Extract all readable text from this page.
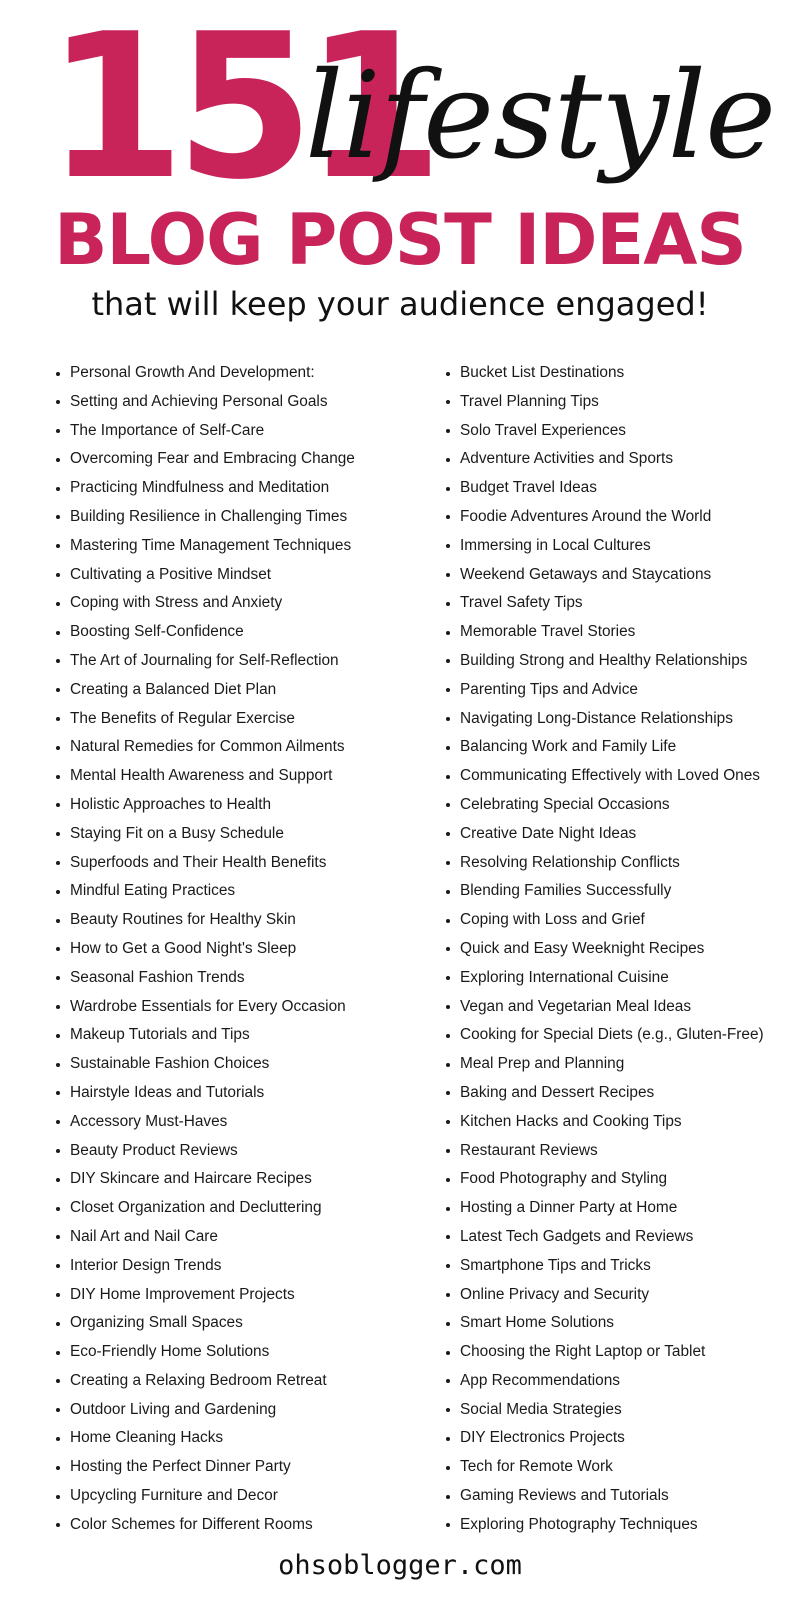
151
lifestyle
BLOG POST IDEAS
that will keep your audience engaged!
Personal Growth And Development:
Setting and Achieving Personal Goals
The Importance of Self-Care
Overcoming Fear and Embracing Change
Practicing Mindfulness and Meditation
Building Resilience in Challenging Times
Mastering Time Management Techniques
Cultivating a Positive Mindset
Coping with Stress and Anxiety
Boosting Self-Confidence
The Art of Journaling for Self-Reflection
Creating a Balanced Diet Plan
The Benefits of Regular Exercise
Natural Remedies for Common Ailments
Mental Health Awareness and Support
Holistic Approaches to Health
Staying Fit on a Busy Schedule
Superfoods and Their Health Benefits
Mindful Eating Practices
Beauty Routines for Healthy Skin
How to Get a Good Night's Sleep
Seasonal Fashion Trends
Wardrobe Essentials for Every Occasion
Makeup Tutorials and Tips
Sustainable Fashion Choices
Hairstyle Ideas and Tutorials
Accessory Must-Haves
Beauty Product Reviews
DIY Skincare and Haircare Recipes
Closet Organization and Decluttering
Nail Art and Nail Care
Interior Design Trends
DIY Home Improvement Projects
Organizing Small Spaces
Eco-Friendly Home Solutions
Creating a Relaxing Bedroom Retreat
Outdoor Living and Gardening
Home Cleaning Hacks
Hosting the Perfect Dinner Party
Upcycling Furniture and Decor
Color Schemes for Different Rooms
Bucket List Destinations
Travel Planning Tips
Solo Travel Experiences
Adventure Activities and Sports
Budget Travel Ideas
Foodie Adventures Around the World
Immersing in Local Cultures
Weekend Getaways and Staycations
Travel Safety Tips
Memorable Travel Stories
Building Strong and Healthy Relationships
Parenting Tips and Advice
Navigating Long-Distance Relationships
Balancing Work and Family Life
Communicating Effectively with Loved Ones
Celebrating Special Occasions
Creative Date Night Ideas
Resolving Relationship Conflicts
Blending Families Successfully
Coping with Loss and Grief
Quick and Easy Weeknight Recipes
Exploring International Cuisine
Vegan and Vegetarian Meal Ideas
Cooking for Special Diets (e.g., Gluten-Free)
Meal Prep and Planning
Baking and Dessert Recipes
Kitchen Hacks and Cooking Tips
Restaurant Reviews
Food Photography and Styling
Hosting a Dinner Party at Home
Latest Tech Gadgets and Reviews
Smartphone Tips and Tricks
Online Privacy and Security
Smart Home Solutions
Choosing the Right Laptop or Tablet
App Recommendations
Social Media Strategies
DIY Electronics Projects
Tech for Remote Work
Gaming Reviews and Tutorials
Exploring Photography Techniques
ohsoblogger.com
